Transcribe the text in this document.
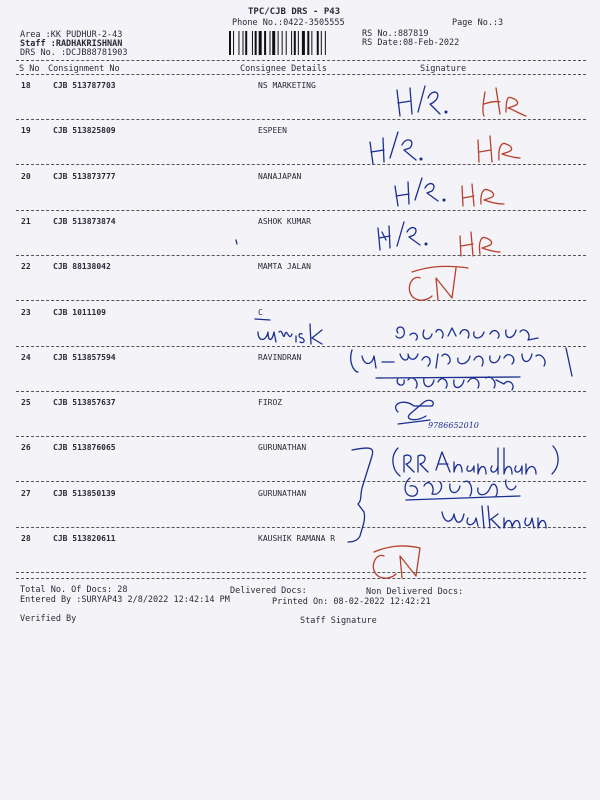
TPC/CJB DRS - P43
Phone No.:0422-3505555	Page No.:3
Area :KK PUDHUR-2-43
Staff :RADHAKRISHNAN
DRS No. :DCJB88781903
RS No.:887819
RS Date:08-Feb-2022
S No Consignment No	Consignee Details	Signature
18	CJB 513787703	NS MARKETING
19	CJB 513825809	ESPEEN
20	CJB 513873777	NANAJAPAN
21	CJB 513873874	ASHOK KUMAR
22	CJB 88138042	MAMTA JALAN
23	CJB 1011109	C
24	CJB 513857594	RAVINDRAN
25	CJB 513857637	FIROZ
26	CJB 513876065	GURUNATHAN
27	CJB 513850139	GURUNATHAN
28	CJB 513820611	KAUSHIK RAMANA R
Total No. Of Docs: 28	Delivered Docs:	Non Delivered Docs:
Entered By :SURYAP43 2/8/2022 12:42:14 PM	Printed On: 08-02-2022 12:42:21
Verified By	Staff Signature
9786652010
